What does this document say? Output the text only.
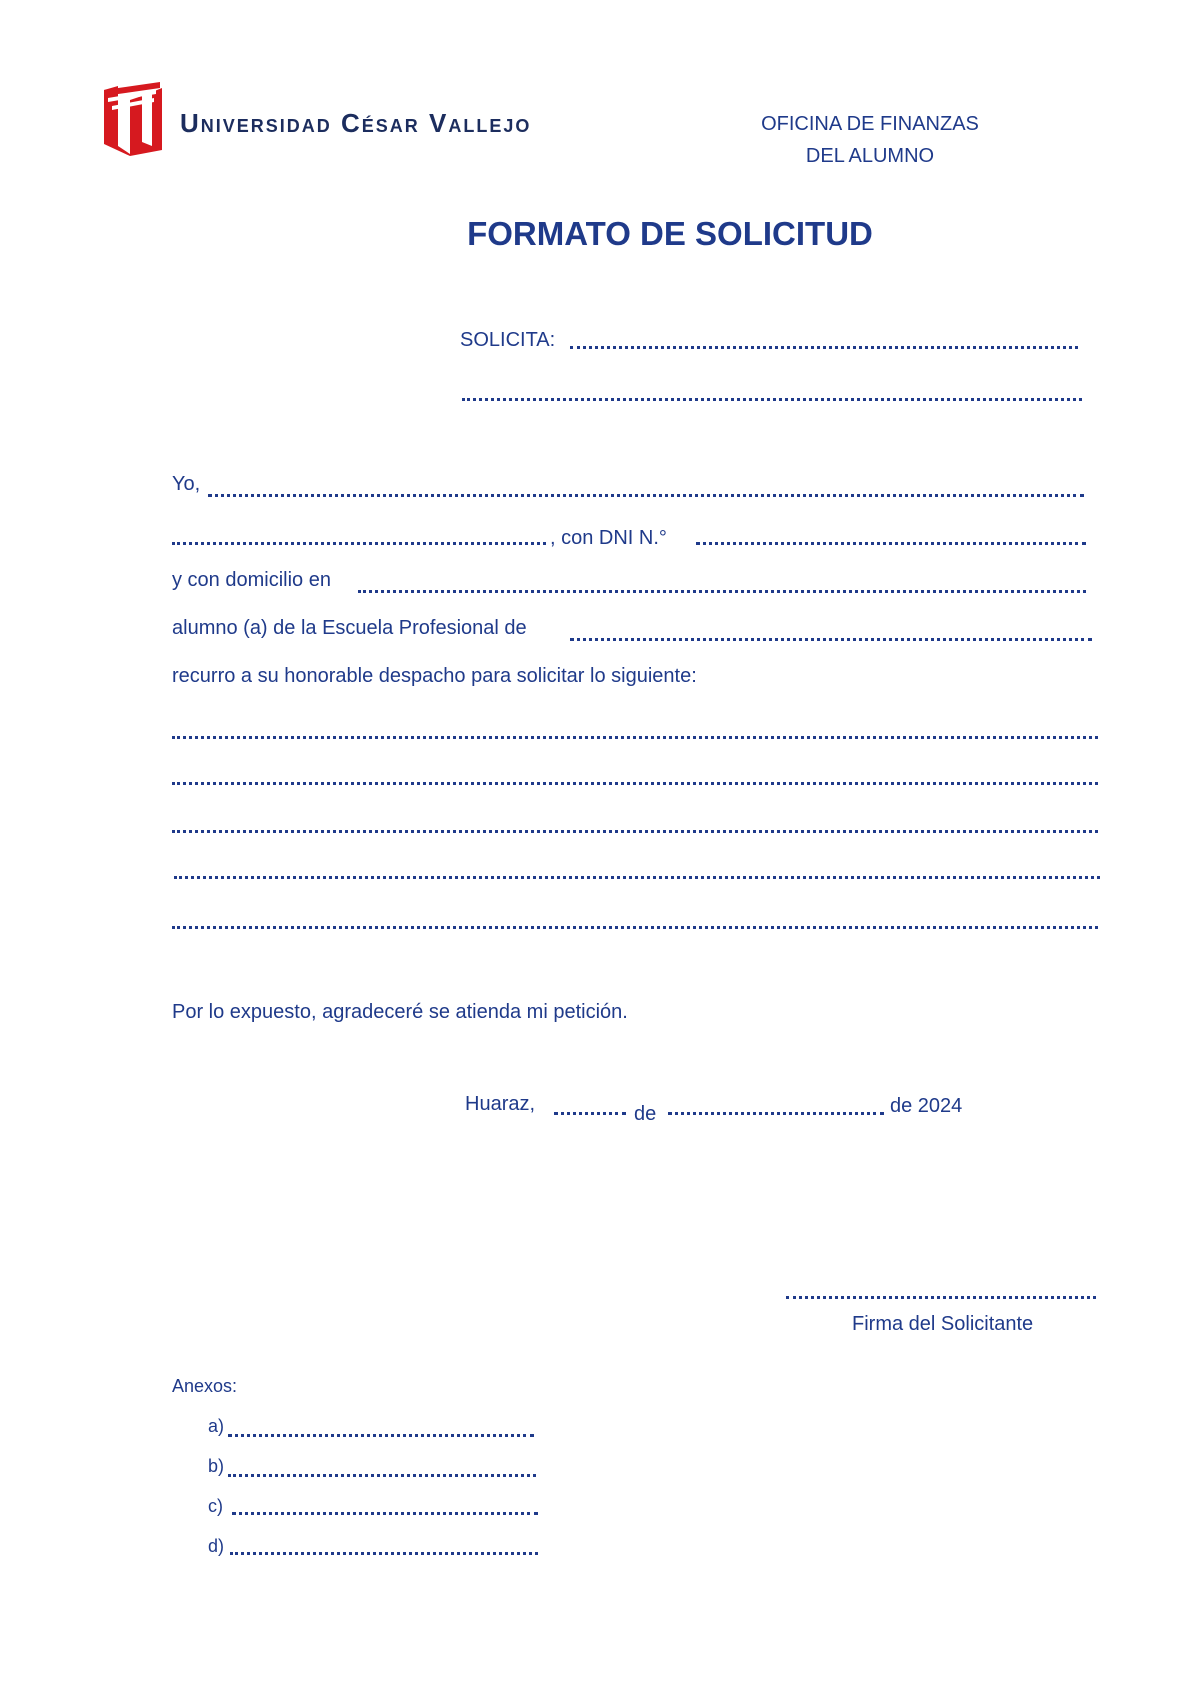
Universidad César Vallejo	OFICINA DE FINANZAS
DEL ALUMNO
FORMATO DE SOLICITUD
SOLICITA:
Yo,
, con DNI N.°
y con domicilio en
alumno (a) de la Escuela Profesional de
recurro a su honorable despacho para solicitar lo siguiente:
Por lo expuesto, agradeceré se atienda mi petición.
Huaraz,	de	de 2024
Firma del Solicitante
Anexos:
a)
b)
c)
d)
